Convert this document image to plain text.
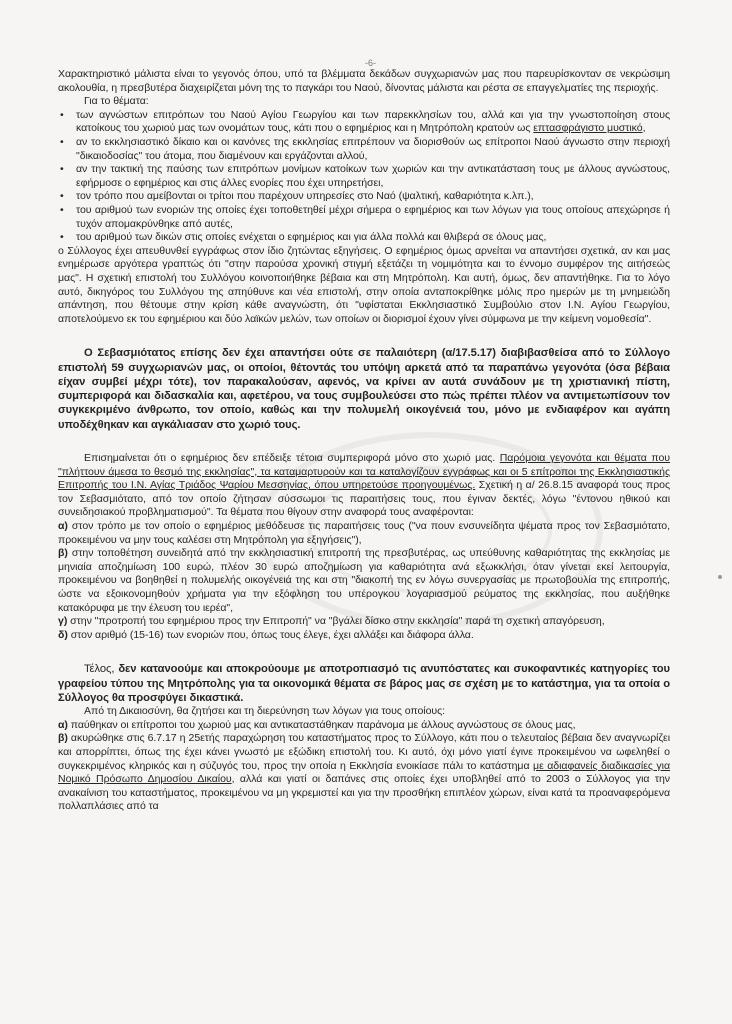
-6-

Χαρακτηριστικό μάλιστα είναι το γεγονός όπου, υπό τα βλέμματα δεκάδων συγχωριανών μας που παρευρίσκονταν σε νεκρώσιμη ακολουθία, η πρεσβυτέρα διαχειρίζεται μόνη της το παγκάρι του Ναού, δίνοντας μάλιστα και ρέστα σε επαγγελματίες της περιοχής.

Για το θέματα:

• των αγνώστων επιτρόπων του Ναού Αγίου Γεωργίου και των παρεκκλησίων του, αλλά και για την γνωστοποίηση στους κατοίκους του χωριού μας των ονομάτων τους, κάτι που ο εφημέριος και η Μητρόπολη κρατούν ως επτασφράγιστο μυστικό,
• αν το εκκλησιαστικό δίκαιο και οι κανόνες της εκκλησίας επιτρέπουν να διορισθούν ως επίτροποι Ναού άγνωστο στην περιοχή "δικαιοδοσίας" του άτομα, που διαμένουν και εργάζονται αλλού,
• αν την τακτική της παύσης των επιτρόπων μονίμων κατοίκων των χωριών και την αντικατάσταση τους με άλλους αγνώστους, εφήρμοσε ο εφημέριος και στις άλλες ενορίες που έχει υπηρετήσει,
• τον τρόπο που αμείβονται οι τρίτοι που παρέχουν υπηρεσίες στο Ναό (ψαλτική, καθαριότητα κ.λπ.),
• του αριθμού των ενοριών της οποίες έχει τοποθετηθεί μέχρι σήμερα ο εφημέριος και των λόγων για τους οποίους απεχώρησε ή τυχόν απομακρύνθηκε από αυτές,
• του αριθμού των δικών στις οποίες ενέχεται ο εφημέριος και για άλλα πολλά και θλιβερά σε όλους μας,

ο Σύλλογος έχει απευθυνθεί εγγράφως στον ίδιο ζητώντας εξηγήσεις. Ο εφημέριος όμως αρνείται να απαντήσει σχετικά, αν και μας ενημέρωσε αργότερα γραπτώς ότι "στην παρούσα χρονική στιγμή εξετάζει τη νομιμότητα και το έννομο συμφέρον της αιτήσεώς μας". Η σχετική επιστολή του Συλλόγου κοινοποιήθηκε βέβαια και στη Μητρόπολη. Και αυτή, όμως, δεν απαντήθηκε. Για το λόγο αυτό, δικηγόρος του Συλλόγου της απηύθυνε και νέα επιστολή, στην οποία ανταποκρίθηκε μόλις προ ημερών με τη μνημειώδη απάντηση, που θέτουμε στην κρίση κάθε αναγνώστη, ότι "υφίσταται Εκκλησιαστικό Συμβούλιο στον Ι.Ν. Αγίου Γεωργίου, αποτελούμενο εκ του εφημέριου και δύο λαϊκών μελών, των οποίων οι διορισμοί έχουν γίνει σύμφωνα με την κείμενη νομοθεσία".

Ο Σεβασμιότατος επίσης δεν έχει απαντήσει ούτε σε παλαιότερη (α/17.5.17) διαβιβασθείσα από το Σύλλογο επιστολή 59 συγχωριανών μας, οι οποίοι, θέτοντάς του υπόψη αρκετά από τα παραπάνω γεγονότα (όσα βέβαια είχαν συμβεί μέχρι τότε), τον παρακαλούσαν, αφενός, να κρίνει αν αυτά συνάδουν με τη χριστιανική πίστη, συμπεριφορά και διδασκαλία και, αφετέρου, να τους συμβουλεύσει στο πώς πρέπει πλέον να αντιμετωπίσουν τον συγκεκριμένο άνθρωπο, τον οποίο, καθώς και την πολυμελή οικογένειά του, μόνο με ενδιαφέρον και αγάπη υποδέχθηκαν και αγκάλιασαν στο χωριό τους.

Επισημαίνεται ότι ο εφημέριος δεν επέδειξε τέτοια συμπεριφορά μόνο στο χωριό μας. Παρόμοια γεγονότα και θέματα που "πλήττουν άμεσα το θεσμό της εκκλησίας", τα καταμαρτυρούν και τα καταλογίζουν εγγράφως και οι 5 επίτροποι της Εκκλησιαστικής Επιτροπής του Ι.Ν. Αγίας Τριάδος Ψαρίου Μεσσηνίας, όπου υπηρετούσε προηγουμένως. Σχετική η α/ 26.8.15 αναφορά τους προς τον Σεβασμιότατο, από τον οποίο ζήτησαν σύσσωμοι τις παραιτήσεις τους, που έγιναν δεκτές, λόγω "έντονου ηθικού και συνειδησιακού προβληματισμού". Τα θέματα που θίγουν στην αναφορά τους αναφέρονται:

α) στον τρόπο με τον οποίο ο εφημέριος μεθόδευσε τις παραιτήσεις τους ("να πουν ενσυνείδητα ψέματα προς τον Σεβασμιότατο, προκειμένου να μην τους καλέσει στη Μητρόπολη για εξηγήσεις"),

β) στην τοποθέτηση συνειδητά από την εκκλησιαστική επιτροπή της πρεσβυτέρας, ως υπεύθυνης καθαριότητας της εκκλησίας με μηνιαία αποζημίωση 100 ευρώ, πλέον 30 ευρώ αποζημίωση για καθαριότητα ανά εξωκκλήσι, όταν γίνεται εκεί λειτουργία, προκειμένου να βοηθηθεί η πολυμελής οικογένειά της και στη "διακοπή της εν λόγω συνεργασίας με πρωτοβουλία της επιτροπής, ώστε να εξοικονομηθούν χρήματα για την εξόφληση του υπέρογκου λογαριασμού ρεύματος της εκκλησίας, που αυξήθηκε κατακόρυφα με την έλευση του ιερέα",

γ) στην "προτροπή του εφημέριου προς την Επιτροπή" να "βγάλει δίσκο στην εκκλησία" παρά τη σχετική απαγόρευση,

δ) στον αριθμό (15-16) των ενοριών που, όπως τους έλεγε, έχει αλλάξει και διάφορα άλλα.

Τέλος, δεν κατανοούμε και αποκρούουμε με αποτροπιασμό τις ανυπόστατες και συκοφαντικές κατηγορίες του γραφείου τύπου της Μητρόπολης για τα οικονομικά θέματα σε βάρος μας σε σχέση με το κατάστημα, για τα οποία ο Σύλλογος θα προσφύγει δικαστικά.

Από τη Δικαιοσύνη, θα ζητήσει και τη διερεύνηση των λόγων για τους οποίους:

α) παύθηκαν οι επίτροποι του χωριού μας και αντικαταστάθηκαν παράνομα με άλλους αγνώστους σε όλους μας,

β) ακυρώθηκε στις 6.7.17 η 25ετής παραχώρηση του καταστήματος προς το Σύλλογο, κάτι που ο τελευταίος βέβαια δεν αναγνωρίζει και απορρίπτει, όπως της έχει κάνει γνωστό με εξώδικη επιστολή του. Κι αυτό, όχι μόνο γιατί έγινε προκειμένου να ωφεληθεί ο συγκεκριμένος κληρικός και η σύζυγός του, προς την οποία η Εκκλησία ενοικίασε πάλι το κατάστημα με αδιαφανείς διαδικασίες για Νομικό Πρόσωπο Δημοσίου Δικαίου, αλλά και γιατί οι δαπάνες στις οποίες έχει υποβληθεί από το 2003 ο Σύλλογος για την ανακαίνιση του καταστήματος, προκειμένου να μη γκρεμιστεί και για την προσθήκη επιπλέον χώρων, είναι κατά τα προαναφερόμενα πολλαπλάσιες από τα
